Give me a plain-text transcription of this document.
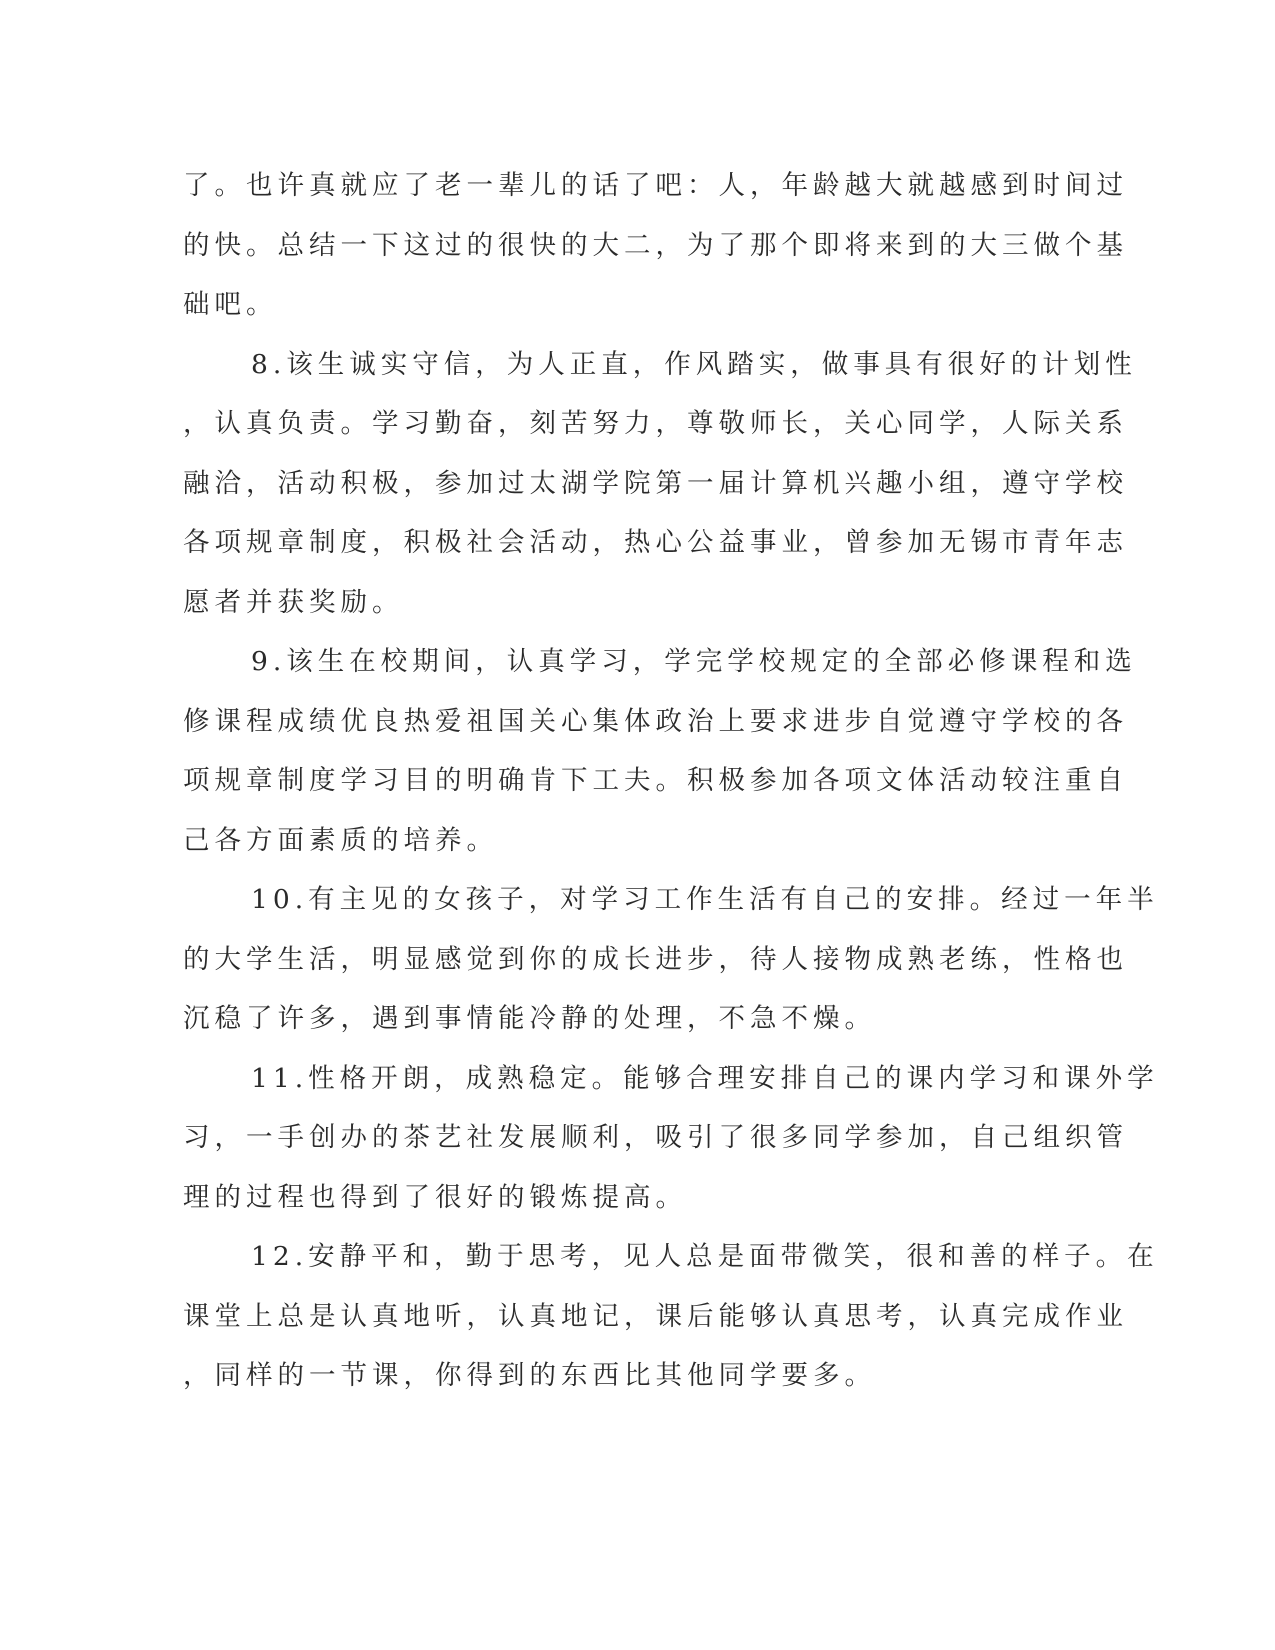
了。也许真就应了老一辈儿的话了吧：人，年龄越大就越感到时间过
的快。总结一下这过的很快的大二，为了那个即将来到的大三做个基
础吧。

8.该生诚实守信，为人正直，作风踏实，做事具有很好的计划性
，认真负责。学习勤奋，刻苦努力，尊敬师长，关心同学，人际关系
融洽，活动积极，参加过太湖学院第一届计算机兴趣小组，遵守学校
各项规章制度，积极社会活动，热心公益事业，曾参加无锡市青年志
愿者并获奖励。

9.该生在校期间，认真学习，学完学校规定的全部必修课程和选
修课程成绩优良热爱祖国关心集体政治上要求进步自觉遵守学校的各
项规章制度学习目的明确肯下工夫。积极参加各项文体活动较注重自
己各方面素质的培养。

10.有主见的女孩子，对学习工作生活有自己的安排。经过一年半
的大学生活，明显感觉到你的成长进步，待人接物成熟老练，性格也
沉稳了许多，遇到事情能冷静的处理，不急不燥。

11.性格开朗，成熟稳定。能够合理安排自己的课内学习和课外学
习，一手创办的茶艺社发展顺利，吸引了很多同学参加，自己组织管
理的过程也得到了很好的锻炼提高。

12.安静平和，勤于思考，见人总是面带微笑，很和善的样子。在
课堂上总是认真地听，认真地记，课后能够认真思考，认真完成作业
，同样的一节课，你得到的东西比其他同学要多。
